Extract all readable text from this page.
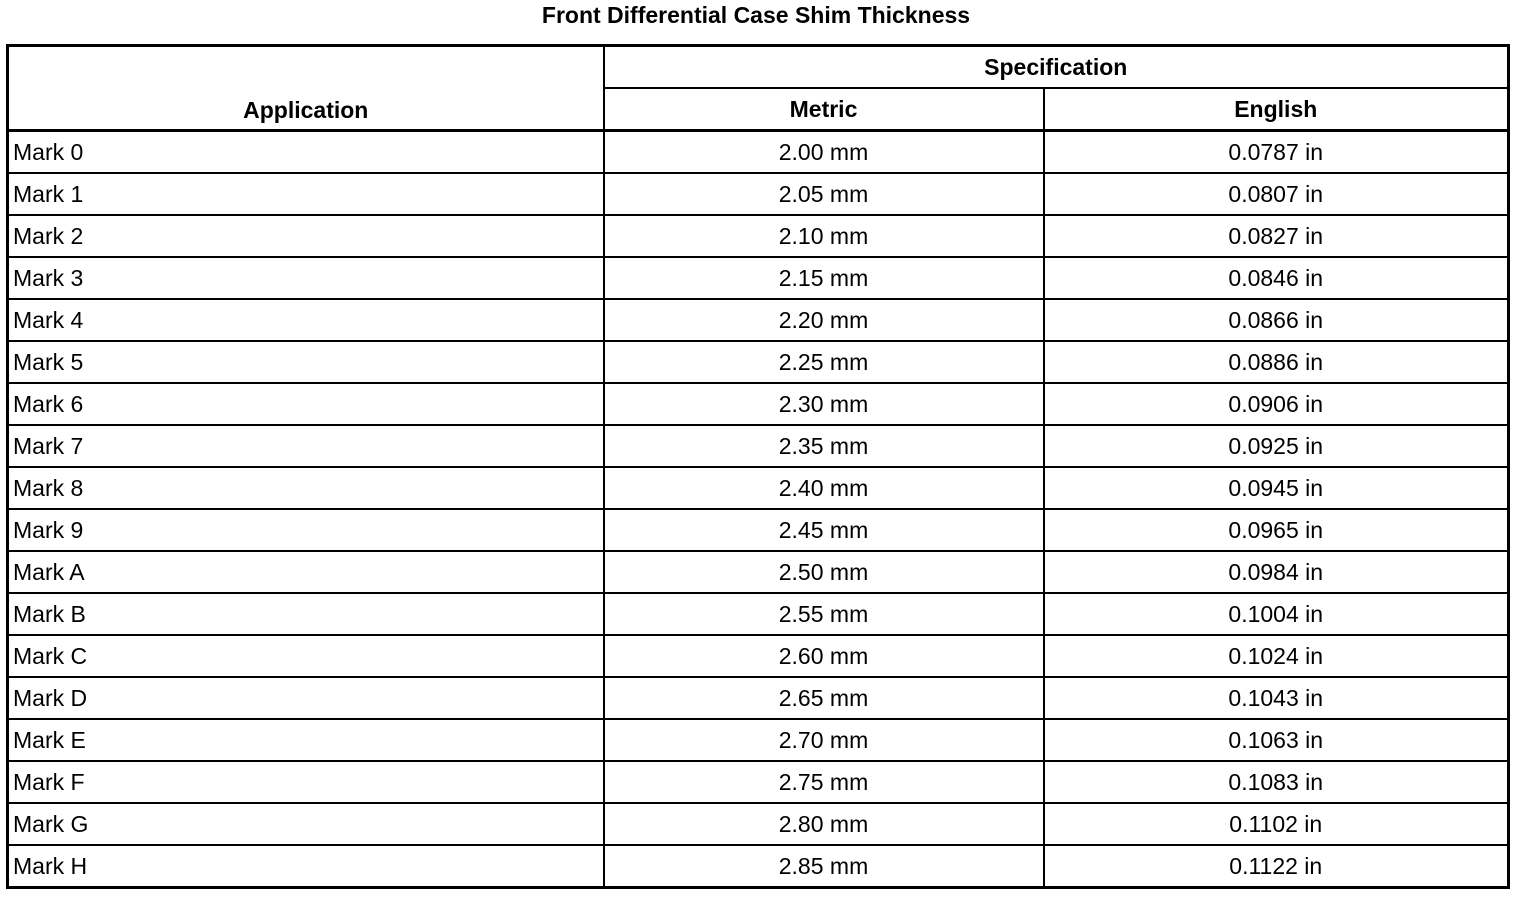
Front Differential Case Shim Thickness
Application	Specification	
	Metric	English
Mark 0	2.00 mm	0.0787 in
Mark 1	2.05 mm	0.0807 in
Mark 2	2.10 mm	0.0827 in
Mark 3	2.15 mm	0.0846 in
Mark 4	2.20 mm	0.0866 in
Mark 5	2.25 mm	0.0886 in
Mark 6	2.30 mm	0.0906 in
Mark 7	2.35 mm	0.0925 in
Mark 8	2.40 mm	0.0945 in
Mark 9	2.45 mm	0.0965 in
Mark A	2.50 mm	0.0984 in
Mark B	2.55 mm	0.1004 in
Mark C	2.60 mm	0.1024 in
Mark D	2.65 mm	0.1043 in
Mark E	2.70 mm	0.1063 in
Mark F	2.75 mm	0.1083 in
Mark G	2.80 mm	0.1102 in
Mark H	2.85 mm	0.1122 in
